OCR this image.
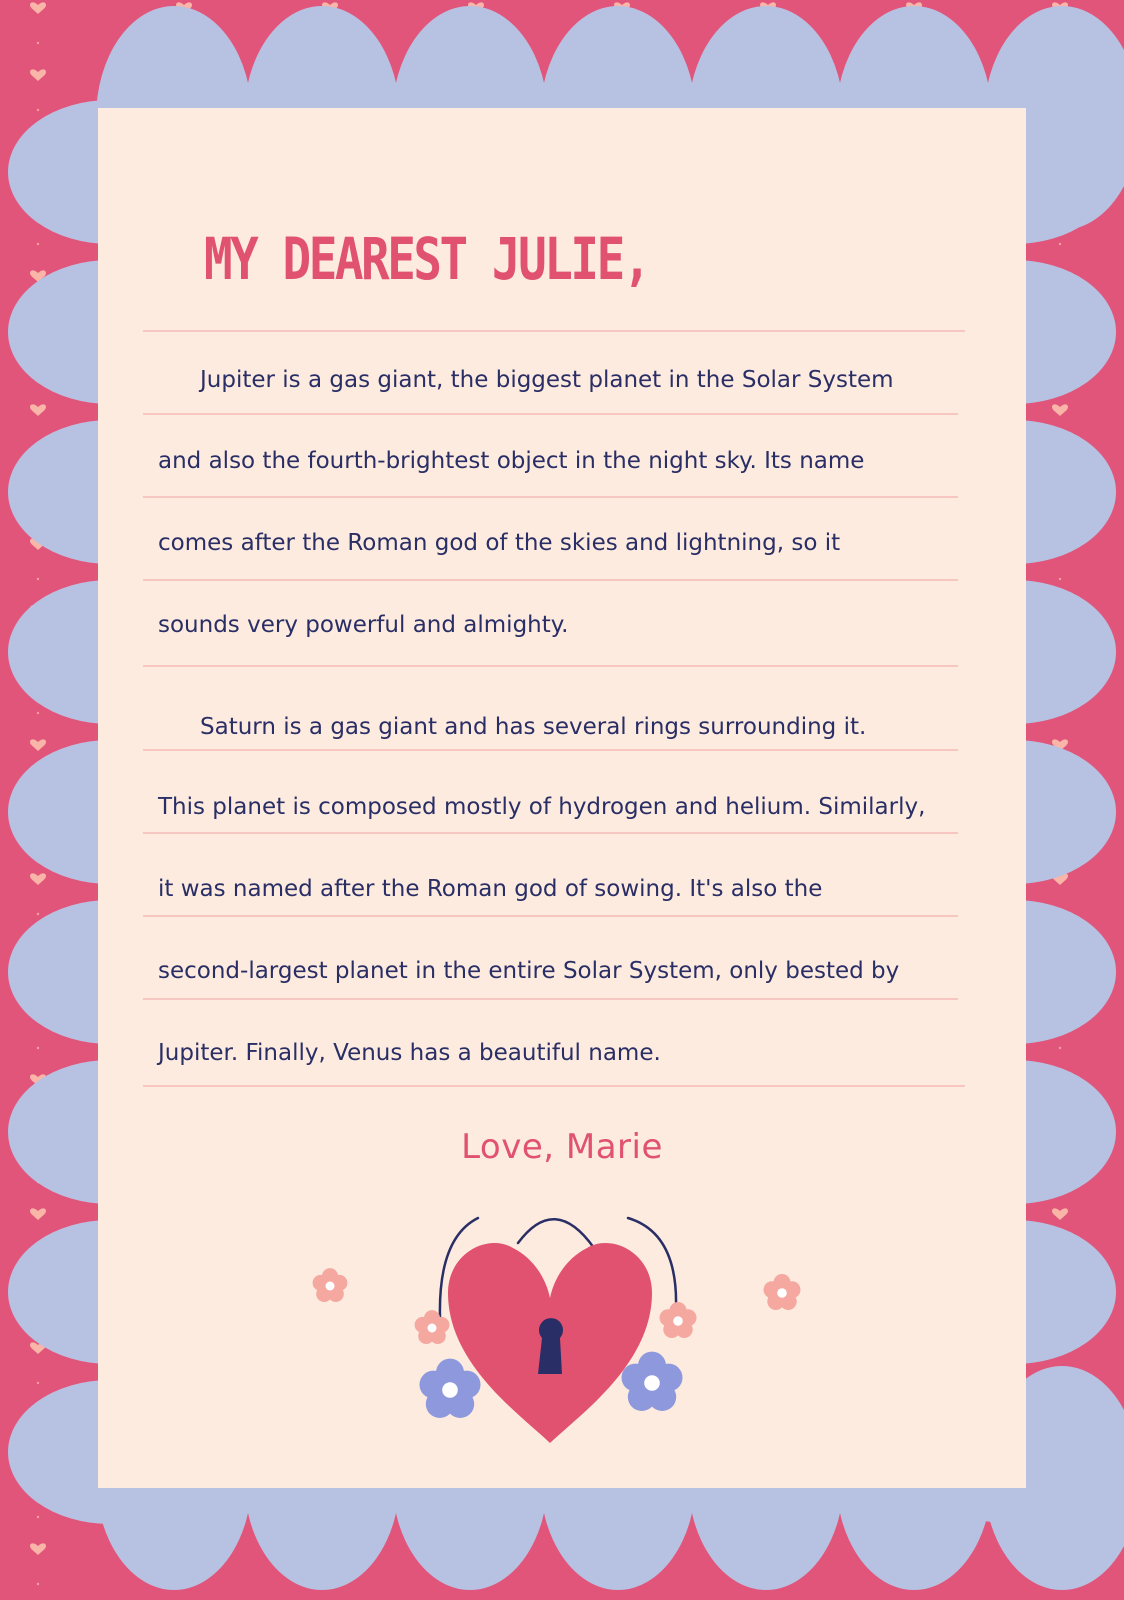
MY DEAREST JULIE,

Jupiter is a gas giant, the biggest planet in the Solar System

and also the fourth-brightest object in the night sky. Its name

comes after the Roman god of the skies and lightning, so it

sounds very powerful and almighty.

Saturn is a gas giant and has several rings surrounding it.

This planet is composed mostly of hydrogen and helium. Similarly,

it was named after the Roman god of sowing. It's also the

second-largest planet in the entire Solar System, only bested by

Jupiter. Finally, Venus has a beautiful name.

Love, Marie
